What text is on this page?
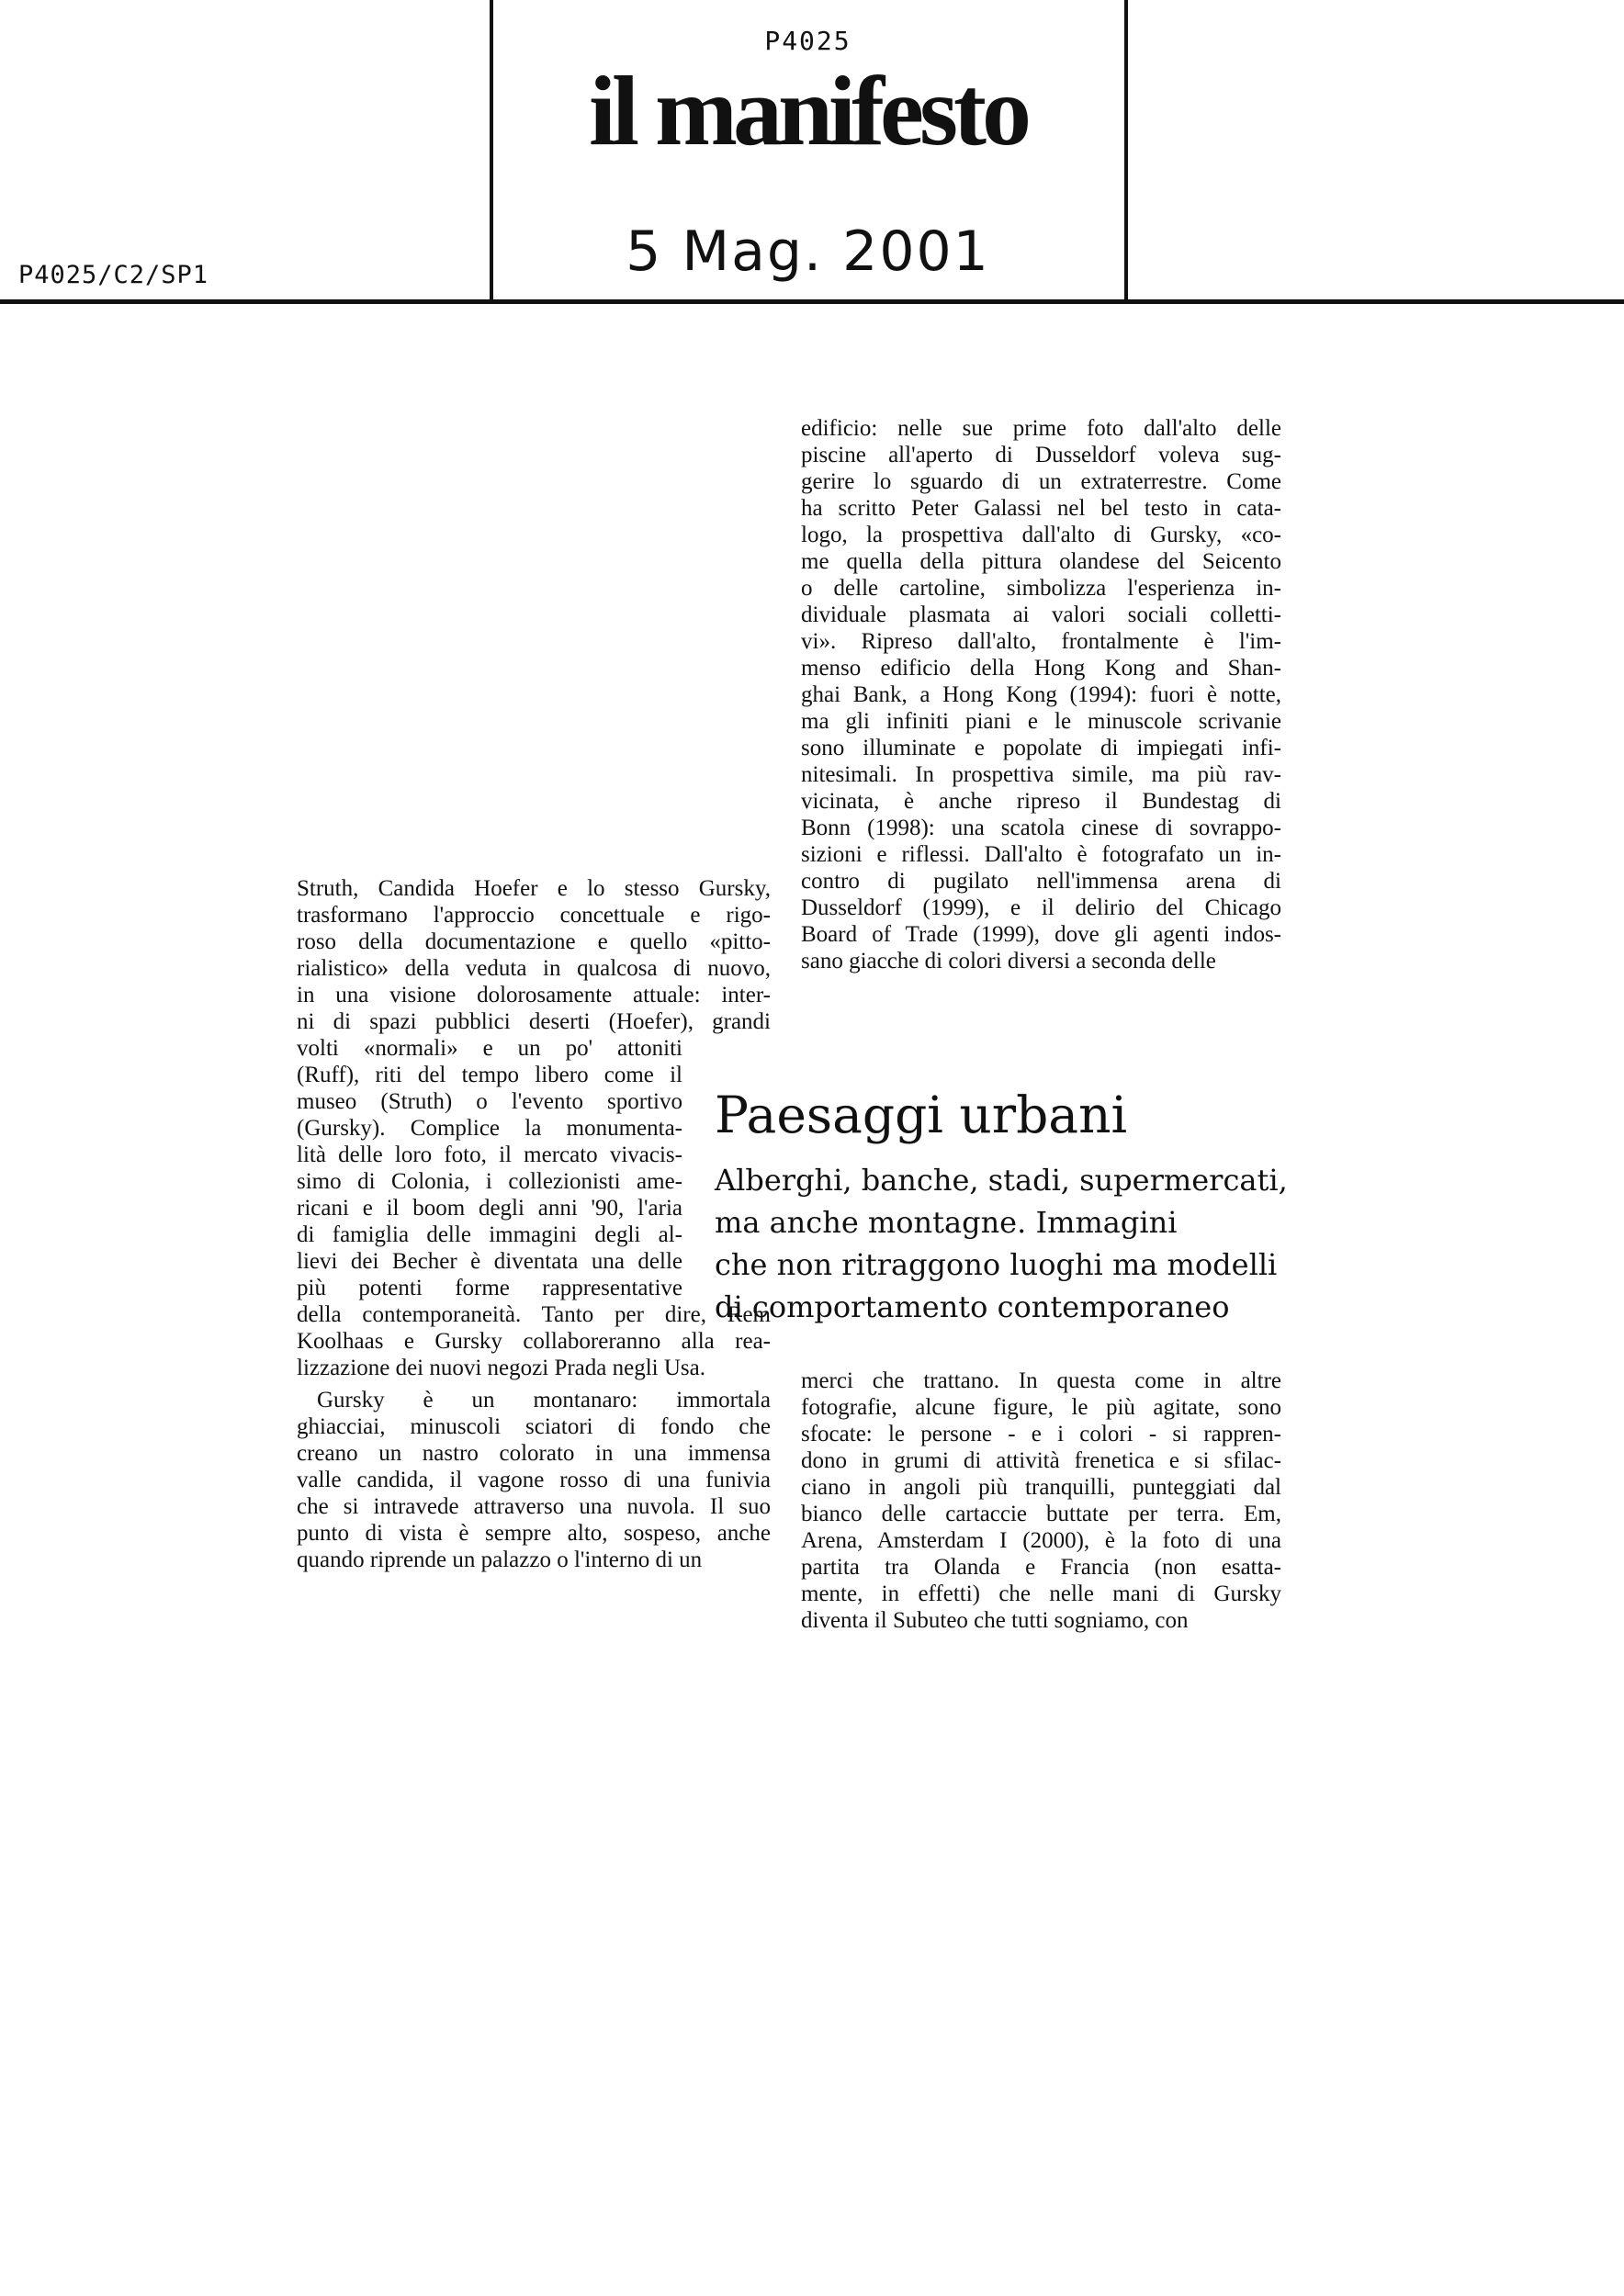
P4025
il manifesto
5 Mag. 2001
P4025/C2/SP1
edificio: nelle sue prime foto dall'alto delle
piscine all'aperto di Dusseldorf voleva sug-
gerire lo sguardo di un extraterrestre. Come
ha scritto Peter Galassi nel bel testo in cata-
logo, la prospettiva dall'alto di Gursky, «co-
me quella della pittura olandese del Seicento
o delle cartoline, simbolizza l'esperienza in-
dividuale plasmata ai valori sociali colletti-
vi». Ripreso dall'alto, frontalmente è l'im-
menso edificio della Hong Kong and Shan-
ghai Bank, a Hong Kong (1994): fuori è notte,
ma gli infiniti piani e le minuscole scrivanie
sono illuminate e popolate di impiegati infi-
nitesimali. In prospettiva simile, ma più rav-
vicinata, è anche ripreso il Bundestag di
Bonn (1998): una scatola cinese di sovrappo-
sizioni e riflessi. Dall'alto è fotografato un in-
contro di pugilato nell'immensa arena di
Dusseldorf (1999), e il delirio del Chicago
Board of Trade (1999), dove gli agenti indos-
sano giacche di colori diversi a seconda delle
Struth, Candida Hoefer e lo stesso Gursky,
trasformano l'approccio concettuale e rigo-
roso della documentazione e quello «pitto-
rialistico» della veduta in qualcosa di nuovo,
in una visione dolorosamente attuale: inter-
ni di spazi pubblici deserti (Hoefer), grandi
volti «normali» e un po' attoniti
(Ruff), riti del tempo libero come il
museo (Struth) o l'evento sportivo
(Gursky). Complice la monumenta-
lità delle loro foto, il mercato vivacis-
simo di Colonia, i collezionisti ame-
ricani e il boom degli anni '90, l'aria
di famiglia delle immagini degli al-
lievi dei Becher è diventata una delle
più potenti forme rappresentative
della contemporaneità. Tanto per dire, Rem
Koolhaas e Gursky collaboreranno alla rea-
lizzazione dei nuovi negozi Prada negli Usa.
Gursky è un montanaro: immortala
ghiacciai, minuscoli sciatori di fondo che
creano un nastro colorato in una immensa
valle candida, il vagone rosso di una funivia
che si intravede attraverso una nuvola. Il suo
punto di vista è sempre alto, sospeso, anche
quando riprende un palazzo o l'interno di un
Paesaggi urbani
Alberghi, banche, stadi, supermercati,
ma anche montagne. Immagini
che non ritraggono luoghi ma modelli
di comportamento contemporaneo
merci che trattano. In questa come in altre
fotografie, alcune figure, le più agitate, sono
sfocate: le persone - e i colori - si rappren-
dono in grumi di attività frenetica e si sfilac-
ciano in angoli più tranquilli, punteggiati dal
bianco delle cartaccie buttate per terra. Em,
Arena, Amsterdam I (2000), è la foto di una
partita tra Olanda e Francia (non esatta-
mente, in effetti) che nelle mani di Gursky
diventa il Subuteo che tutti sogniamo, con
